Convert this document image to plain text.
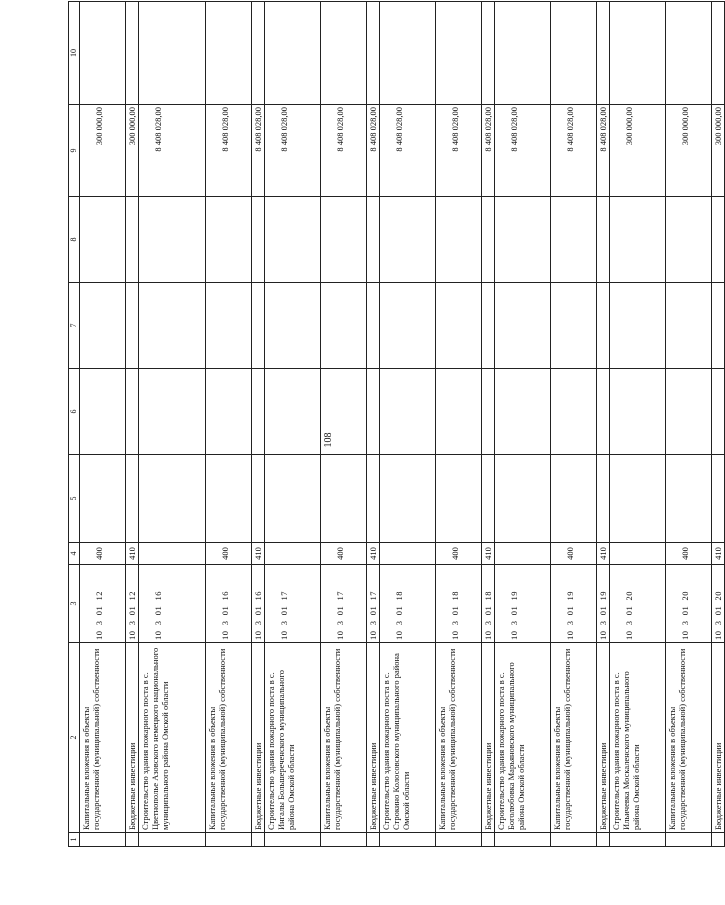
108
1	2	3	4	5	6	7	8	9	10
	Капитальные вложения в объекты государственной (муниципальной) собственности	10  3  01  12	400					300 000,00	
	Бюджетные инвестиции	10  3  01  12	410					300 000,00	
	Строительство здания пожарного поста в с. Цветнополье Азовского немецкого национального муниципального района Омской области	10  3  01  16						8 408 028,00	
	Капитальные вложения в объекты государственной (муниципальной) собственности	10  3  01  16	400					8 408 028,00	
	Бюджетные инвестиции	10  3  01  16	410					8 408 028,00	
	Строительство здания пожарного поста в с. Ингалы Большереченского муниципального района Омской области	10  3  01  17						8 408 028,00	
	Капитальные вложения в объекты государственной (муниципальной) собственности	10  3  01  17	400					8 408 028,00	
	Бюджетные инвестиции	10  3  01  17	410					8 408 028,00	
	Строительство здания пожарного поста в с. Строкино Колосовского муниципального района Омской области	10  3  01  18						8 408 028,00	
	Капитальные вложения в объекты государственной (муниципальной) собственности	10  3  01  18	400					8 408 028,00	
	Бюджетные инвестиции	10  3  01  18	410					8 408 028,00	
	Строительство здания пожарного поста в с. Боголюбовка Марьяновского муниципального района Омской области	10  3  01  19						8 408 028,00	
	Капитальные вложения в объекты государственной (муниципальной) собственности	10  3  01  19	400					8 408 028,00	
	Бюджетные инвестиции	10  3  01  19	410					8 408 028,00	
	Строительство здания пожарного поста в с. Ильичевка Москаленского муниципального района Омской области	10  3  01  20						300 000,00	
	Капитальные вложения в объекты государственной (муниципальной) собственности	10  3  01  20	400					300 000,00	
	Бюджетные инвестиции	10  3  01  20	410					300 000,00	
